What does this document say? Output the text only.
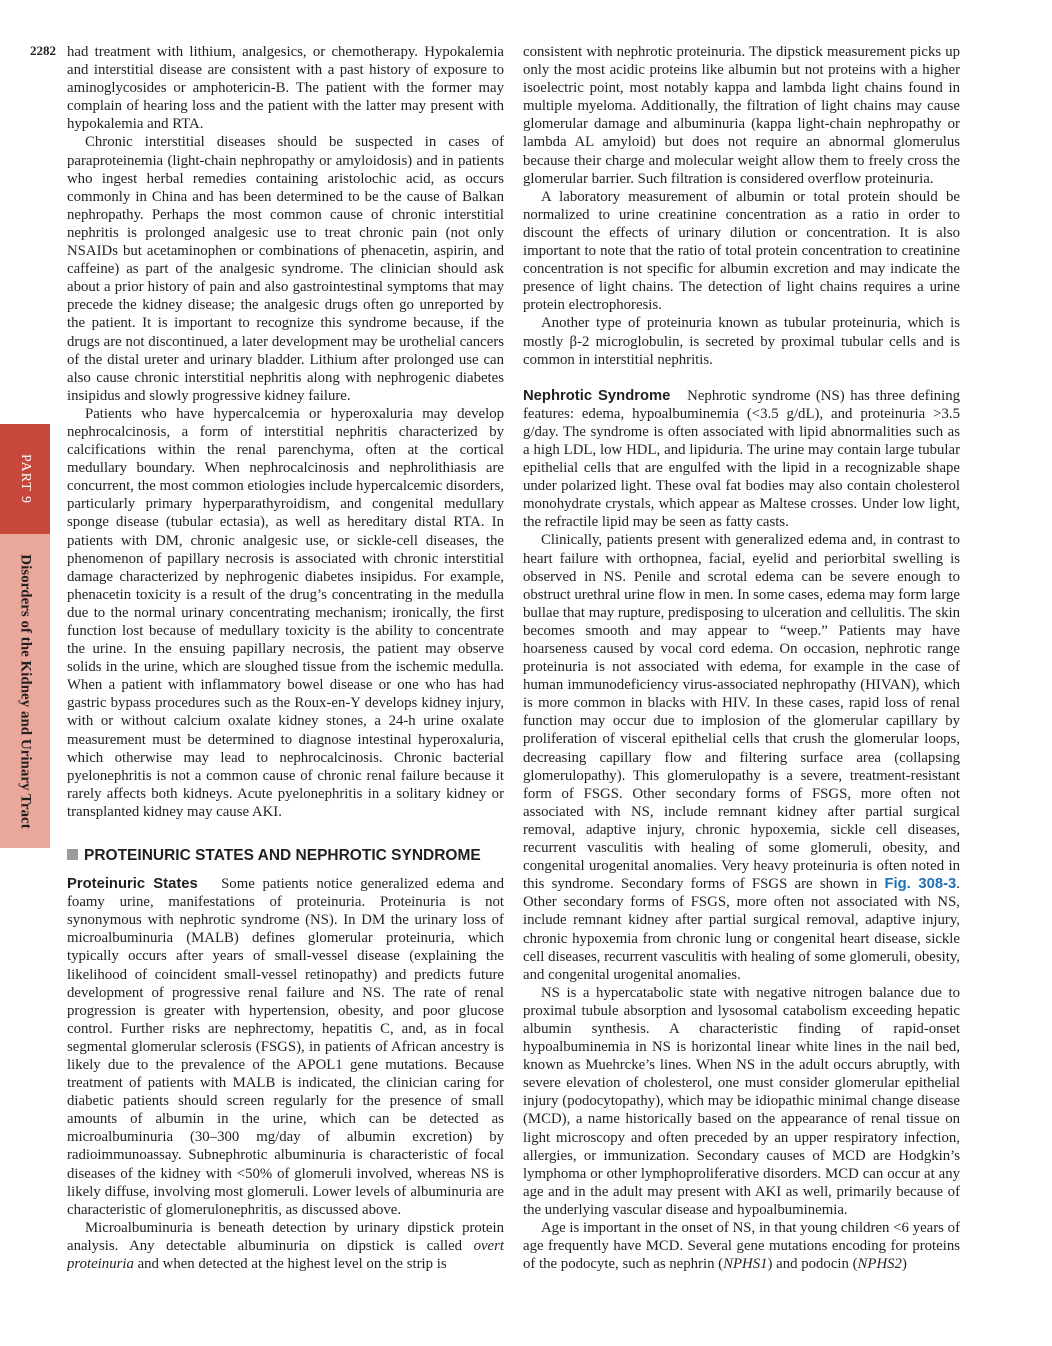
2282
PART 9
Disorders of the Kidney and Urinary Tract

had treatment with lithium, analgesics, or chemotherapy. Hypokalemia and interstitial disease are consistent with a past history of exposure to aminoglycosides or amphotericin-B. The patient with the former may complain of hearing loss and the patient with the latter may present with hypokalemia and RTA.

Chronic interstitial diseases should be suspected in cases of paraproteinemia (light-chain nephropathy or amyloidosis) and in patients who ingest herbal remedies containing aristolochic acid, as occurs commonly in China and has been determined to be the cause of Balkan nephropathy. Perhaps the most common cause of chronic interstitial nephritis is prolonged analgesic use to treat chronic pain (not only NSAIDs but acetaminophen or combinations of phenacetin, aspirin, and caffeine) as part of the analgesic syndrome. The clinician should ask about a prior history of pain and also gastrointestinal symptoms that may precede the kidney disease; the analgesic drugs often go unreported by the patient. It is important to recognize this syndrome because, if the drugs are not discontinued, a later development may be urothelial cancers of the distal ureter and urinary bladder. Lithium after prolonged use can also cause chronic interstitial nephritis along with nephrogenic diabetes insipidus and slowly progressive kidney failure.

Patients who have hypercalcemia or hyperoxaluria may develop nephrocalcinosis, a form of interstitial nephritis characterized by calcifications within the renal parenchyma, often at the cortical medullary boundary. When nephrocalcinosis and nephrolithiasis are concurrent, the most common etiologies include hypercalcemic disorders, particularly primary hyperparathyroidism, and congenital medullary sponge disease (tubular ectasia), as well as hereditary distal RTA. In patients with DM, chronic analgesic use, or sickle-cell diseases, the phenomenon of papillary necrosis is associated with chronic interstitial damage characterized by nephrogenic diabetes insipidus. For example, phenacetin toxicity is a result of the drug’s concentrating in the medulla due to the normal urinary concentrating mechanism; ironically, the first function lost because of medullary toxicity is the ability to concentrate the urine. In the ensuing papillary necrosis, the patient may observe solids in the urine, which are sloughed tissue from the ischemic medulla. When a patient with inflammatory bowel disease or one who has had gastric bypass procedures such as the Roux-en-Y develops kidney injury, with or without calcium oxalate kidney stones, a 24-h urine oxalate measurement must be determined to diagnose intestinal hyperoxaluria, which otherwise may lead to nephrocalcinosis. Chronic bacterial pyelonephritis is not a common cause of chronic renal failure because it rarely affects both kidneys. Acute pyelonephritis in a solitary kidney or transplanted kidney may cause AKI.

PROTEINURIC STATES AND NEPHROTIC SYNDROME

Proteinuric States Some patients notice generalized edema and foamy urine, manifestations of proteinuria. Proteinuria is not synonymous with nephrotic syndrome (NS). In DM the urinary loss of microalbuminuria (MALB) defines glomerular proteinuria, which typically occurs after years of small-vessel disease (explaining the likelihood of coincident small-vessel retinopathy) and predicts future development of progressive renal failure and NS. The rate of renal progression is greater with hypertension, obesity, and poor glucose control. Further risks are nephrectomy, hepatitis C, and, as in focal segmental glomerular sclerosis (FSGS), in patients of African ancestry is likely due to the prevalence of the APOL1 gene mutations. Because treatment of patients with MALB is indicated, the clinician caring for diabetic patients should screen regularly for the presence of small amounts of albumin in the urine, which can be detected as microalbuminuria (30–300 mg/day of albumin excretion) by radioimmunoassay. Subnephrotic albuminuria is characteristic of focal diseases of the kidney with <50% of glomeruli involved, whereas NS is likely diffuse, involving most glomeruli. Lower levels of albuminuria are characteristic of glomerulonephritis, as discussed above.

Microalbuminuria is beneath detection by urinary dipstick protein analysis. Any detectable albuminuria on dipstick is called overt proteinuria and when detected at the highest level on the strip is

consistent with nephrotic proteinuria. The dipstick measurement picks up only the most acidic proteins like albumin but not proteins with a higher isoelectric point, most notably kappa and lambda light chains found in multiple myeloma. Additionally, the filtration of light chains may cause glomerular damage and albuminuria (kappa light-chain nephropathy or lambda AL amyloid) but does not require an abnormal glomerulus because their charge and molecular weight allow them to freely cross the glomerular barrier. Such filtration is considered overflow proteinuria.

A laboratory measurement of albumin or total protein should be normalized to urine creatinine concentration as a ratio in order to discount the effects of urinary dilution or concentration. It is also important to note that the ratio of total protein concentration to creatinine concentration is not specific for albumin excretion and may indicate the presence of light chains. The detection of light chains requires a urine protein electrophoresis.

Another type of proteinuria known as tubular proteinuria, which is mostly β-2 microglobulin, is secreted by proximal tubular cells and is common in interstitial nephritis.

Nephrotic Syndrome Nephrotic syndrome (NS) has three defining features: edema, hypoalbuminemia (<3.5 g/dL), and proteinuria >3.5 g/day. The syndrome is often associated with lipid abnormalities such as a high LDL, low HDL, and lipiduria. The urine may contain large tubular epithelial cells that are engulfed with the lipid in a recognizable shape under polarized light. These oval fat bodies may also contain cholesterol monohydrate crystals, which appear as Maltese crosses. Under low light, the refractile lipid may be seen as fatty casts.

Clinically, patients present with generalized edema and, in contrast to heart failure with orthopnea, facial, eyelid and periorbital swelling is observed in NS. Penile and scrotal edema can be severe enough to obstruct urethral urine flow in men. In some cases, edema may form large bullae that may rupture, predisposing to ulceration and cellulitis. The skin becomes smooth and may appear to “weep.” Patients may have hoarseness caused by vocal cord edema. On occasion, nephrotic range proteinuria is not associated with edema, for example in the case of human immunodeficiency virus-associated nephropathy (HIVAN), which is more common in blacks with HIV. In these cases, rapid loss of renal function may occur due to implosion of the glomerular capillary by proliferation of visceral epithelial cells that crush the glomerular loops, decreasing capillary flow and filtering surface area (collapsing glomerulopathy). This glomerulopathy is a severe, treatment-resistant form of FSGS. Other secondary forms of FSGS, more often not associated with NS, include remnant kidney after partial surgical removal, adaptive injury, chronic hypoxemia, sickle cell diseases, recurrent vasculitis with healing of some glomeruli, obesity, and congenital urogenital anomalies. Very heavy proteinuria is often noted in this syndrome. Secondary forms of FSGS are shown in Fig. 308-3. Other secondary forms of FSGS, more often not associated with NS, include remnant kidney after partial surgical removal, adaptive injury, chronic hypoxemia from chronic lung or congenital heart disease, sickle cell diseases, recurrent vasculitis with healing of some glomeruli, obesity, and congenital urogenital anomalies.

NS is a hypercatabolic state with negative nitrogen balance due to proximal tubule absorption and lysosomal catabolism exceeding hepatic albumin synthesis. A characteristic finding of rapid-onset hypoalbuminemia in NS is horizontal linear white lines in the nail bed, known as Muehrcke’s lines. When NS in the adult occurs abruptly, with severe elevation of cholesterol, one must consider glomerular epithelial injury (podocytopathy), which may be idiopathic minimal change disease (MCD), a name historically based on the appearance of renal tissue on light microscopy and often preceded by an upper respiratory infection, allergies, or immunization. Secondary causes of MCD are Hodgkin’s lymphoma or other lymphoproliferative disorders. MCD can occur at any age and in the adult may present with AKI as well, primarily because of the underlying vascular disease and hypoalbuminemia.

Age is important in the onset of NS, in that young children <6 years of age frequently have MCD. Several gene mutations encoding for proteins of the podocyte, such as nephrin (NPHS1) and podocin (NPHS2)
